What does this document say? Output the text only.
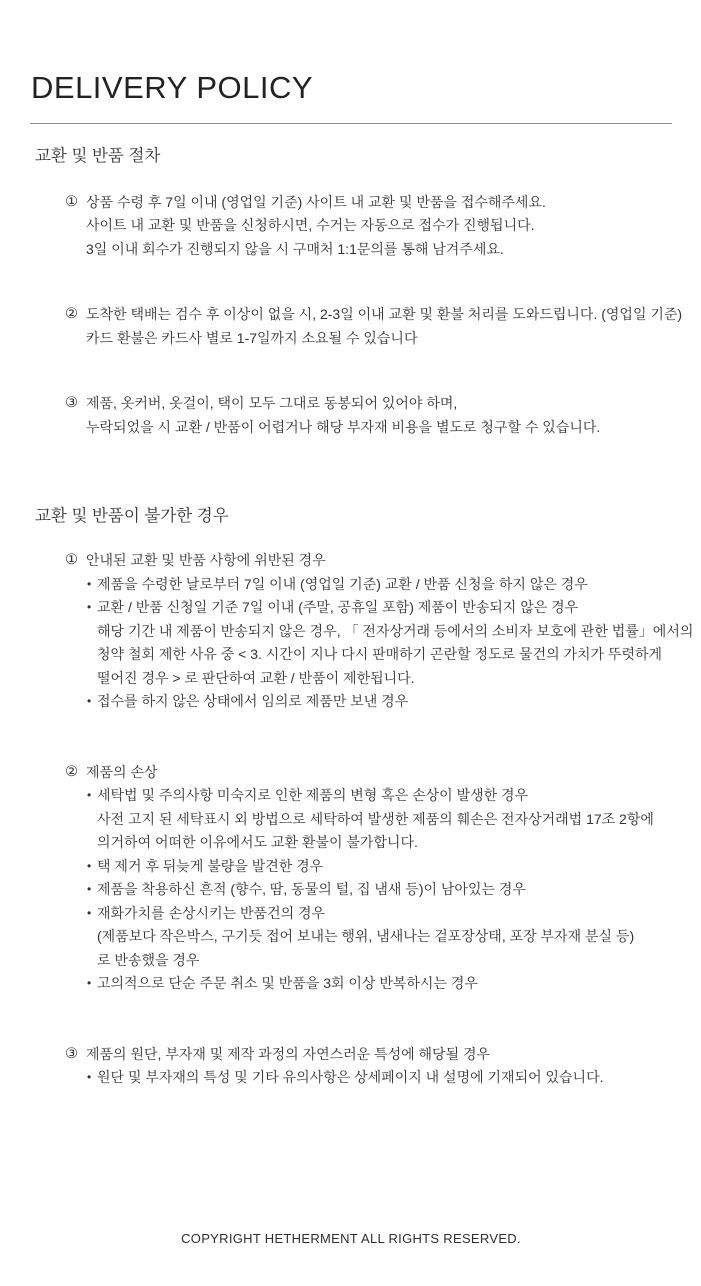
DELIVERY POLICY
교환 및 반품 절차
① 상품 수령 후 7일 이내 (영업일 기준) 사이트 내 교환 및 반품을 접수해주세요.
사이트 내 교환 및 반품을 신청하시면, 수거는 자동으로 접수가 진행됩니다.
3일 이내 회수가 진행되지 않을 시 구매처 1:1문의를 통해 남겨주세요.
② 도착한 택배는 검수 후 이상이 없을 시, 2-3일 이내 교환 및 환불 처리를 도와드립니다. (영업일 기준)
카드 환불은 카드사 별로 1-7일까지 소요될 수 있습니다
③ 제품, 옷커버, 옷걸이, 택이 모두 그대로 동봉되어 있어야 하며,
누락되었을 시 교환 / 반품이 어렵거나 해당 부자재 비용을 별도로 청구할 수 있습니다.
교환 및 반품이 불가한 경우
① 안내된 교환 및 반품 사항에 위반된 경우
• 제품을 수령한 날로부터 7일 이내 (영업일 기준) 교환 / 반품 신청을 하지 않은 경우
• 교환 / 반품 신청일 기준 7일 이내 (주말, 공휴일 포함) 제품이 반송되지 않은 경우
해당 기간 내 제품이 반송되지 않은 경우, 「 전자상거래 등에서의 소비자 보호에 관한 법률」에서의
청약 철회 제한 사유 중 < 3. 시간이 지나 다시 판매하기 곤란할 정도로 물건의 가치가 뚜렷하게
떨어진 경우 > 로 판단하여 교환 / 반품이 제한됩니다.
• 접수를 하지 않은 상태에서 임의로 제품만 보낸 경우
② 제품의 손상
• 세탁법 및 주의사항 미숙지로 인한 제품의 변형 혹은 손상이 발생한 경우
사전 고지 된 세탁표시 외 방법으로 세탁하여 발생한 제품의 훼손은 전자상거래법 17조 2항에
의거하여 어떠한 이유에서도 교환 환불이 불가합니다.
• 택 제거 후 뒤늦게 불량을 발견한 경우
• 제품을 착용하신 흔적 (향수, 땀, 동물의 털, 집 냄새 등)이 남아있는 경우
• 재화가치를 손상시키는 반품건의 경우
(제품보다 작은박스, 구기듯 접어 보내는 행위, 냄새나는 겉포장상태, 포장 부자재 분실 등)
로 반송했을 경우
• 고의적으로 단순 주문 취소 및 반품을 3회 이상 반복하시는 경우
③ 제품의 원단, 부자재 및 제작 과정의 자연스러운 특성에 해당될 경우
• 원단 및 부자재의 특성 및 기타 유의사항은 상세페이지 내 설명에 기재되어 있습니다.
COPYRIGHT HETHERMENT ALL RIGHTS RESERVED.
